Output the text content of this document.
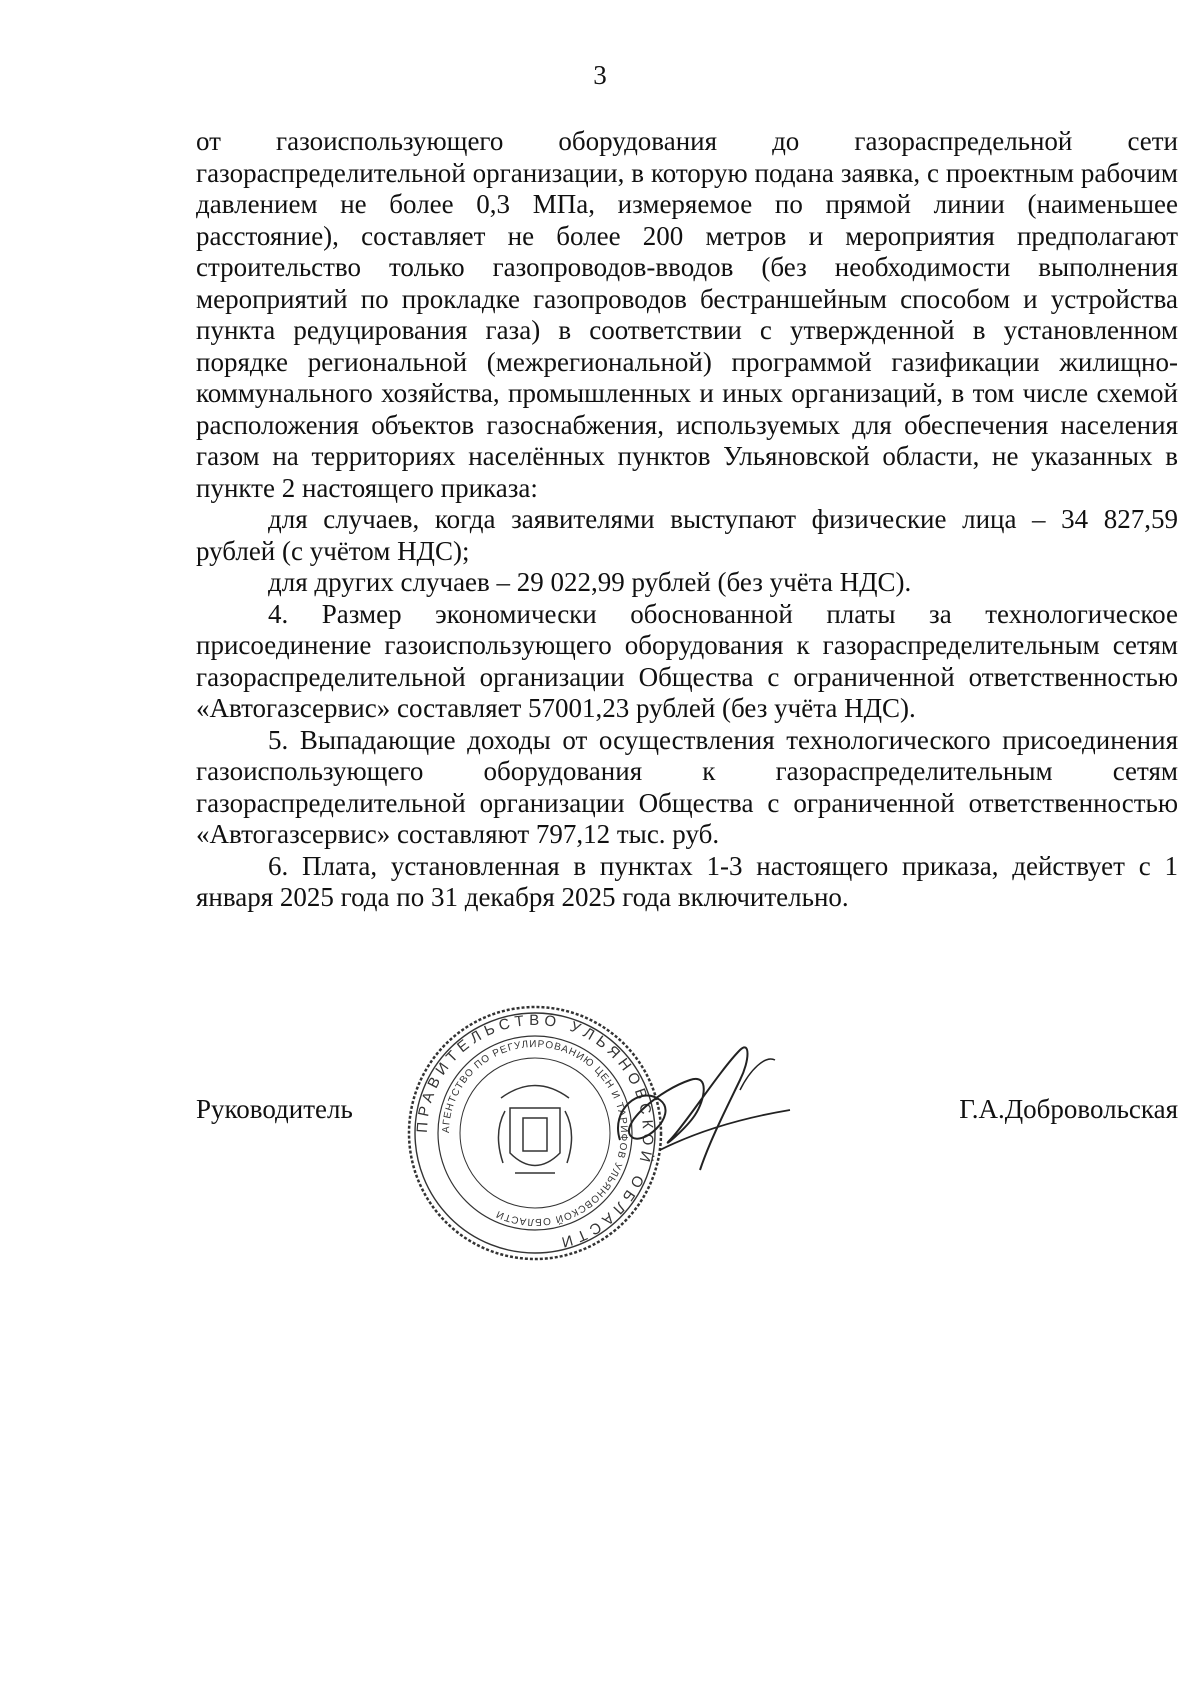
3

от газоиспользующего оборудования до газораспредельной сети газораспределительной организации, в которую подана заявка, с проектным рабочим давлением не более 0,3 МПа, измеряемое по прямой линии (наименьшее расстояние), составляет не более 200 метров и мероприятия предполагают строительство только газопроводов-вводов (без необходимости выполнения мероприятий по прокладке газопроводов бестраншейным способом и устройства пункта редуцирования газа) в соответствии с утвержденной в установленном порядке региональной (межрегиональной) программой газификации жилищно-коммунального хозяйства, промышленных и иных организаций, в том числе схемой расположения объектов газоснабжения, используемых для обеспечения населения газом на территориях населённых пунктов Ульяновской области, не указанных в пункте 2 настоящего приказа:

для случаев, когда заявителями выступают физические лица – 34 827,59 рублей (с учётом НДС);

для других случаев – 29 022,99 рублей (без учёта НДС).

4. Размер экономически обоснованной платы за технологическое присоединение газоиспользующего оборудования к газораспределительным сетям газораспределительной организации Общества с ограниченной ответственностью «Автогазсервис» составляет 57001,23 рублей (без учёта НДС).

5. Выпадающие доходы от осуществления технологического присоединения газоиспользующего оборудования к газораспределительным сетям газораспределительной организации Общества с ограниченной ответственностью «Автогазсервис» составляют 797,12 тыс. руб.

6. Плата, установленная в пунктах 1-3 настоящего приказа, действует с 1 января 2025 года по 31 декабря 2025 года включительно.

ПРАВИТЕЛЬСТВО УЛЬЯНОВСКОЙ ОБЛАСТИ
АГЕНТСТВО ПО РЕГУЛИРОВАНИЮ ЦЕН И ТАРИФОВ УЛЬЯНОВСКОЙ ОБЛАСТИ
Руководитель	Г.А.Добровольская
